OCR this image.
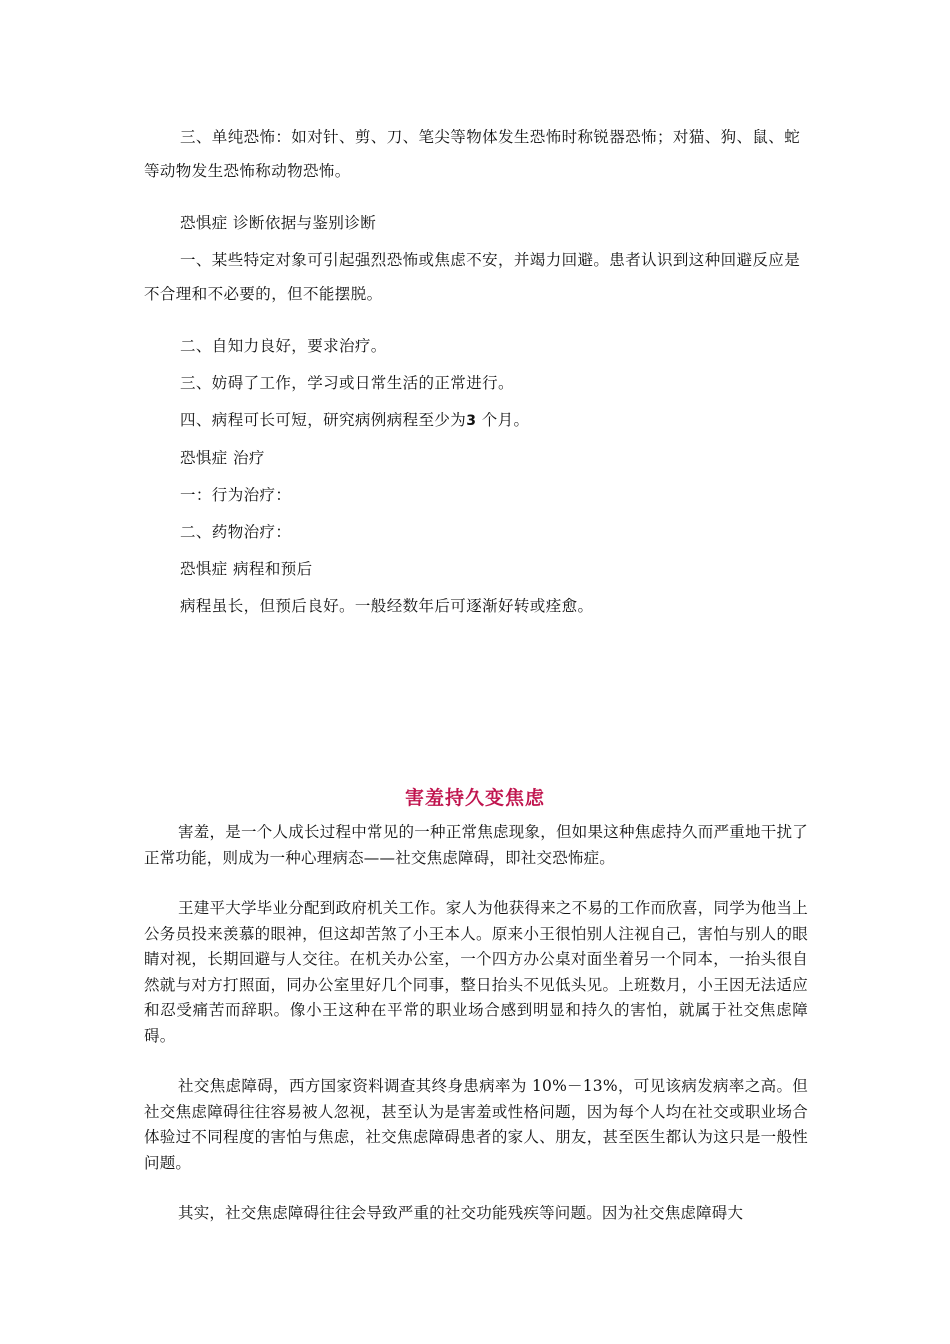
三、单纯恐怖：如对针、剪、刀、笔尖等物体发生恐怖时称锐器恐怖；对猫、狗、鼠、蛇等动物发生恐怖称动物恐怖。

恐惧症 诊断依据与鉴别诊断

一、某些特定对象可引起强烈恐怖或焦虑不安，并竭力回避。患者认识到这种回避反应是不合理和不必要的，但不能摆脱。

二、自知力良好，要求治疗。

三、妨碍了工作，学习或日常生活的正常进行。

四、病程可长可短，研究病例病程至少为3 个月。

恐惧症 治疗

一：行为治疗：

二、药物治疗：

恐惧症 病程和预后

病程虽长，但预后良好。一般经数年后可逐渐好转或痊愈。

害羞持久变焦虑

害羞，是一个人成长过程中常见的一种正常焦虑现象，但如果这种焦虑持久而严重地干扰了正常功能，则成为一种心理病态——社交焦虑障碍，即社交恐怖症。

王建平大学毕业分配到政府机关工作。家人为他获得来之不易的工作而欣喜，同学为他当上公务员投来羡慕的眼神，但这却苦煞了小王本人。原来小王很怕别人注视自己，害怕与别人的眼睛对视，长期回避与人交往。在机关办公室，一个四方办公桌对面坐着另一个同本，一抬头很自然就与对方打照面，同办公室里好几个同事，整日抬头不见低头见。上班数月，小王因无法适应和忍受痛苦而辞职。像小王这种在平常的职业场合感到明显和持久的害怕，就属于社交焦虑障碍。

社交焦虑障碍，西方国家资料调查其终身患病率为 10%－13%，可见该病发病率之高。但社交焦虑障碍往往容易被人忽视，甚至认为是害羞或性格问题，因为每个人均在社交或职业场合体验过不同程度的害怕与焦虑，社交焦虑障碍患者的家人、朋友，甚至医生都认为这只是一般性问题。

其实，社交焦虑障碍往往会导致严重的社交功能残疾等问题。因为社交焦虑障碍大
